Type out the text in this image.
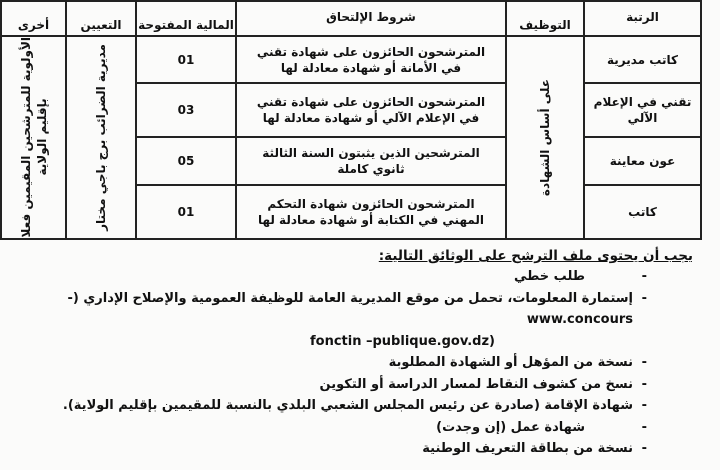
الرتبة	التوظيف	شروط الإلتحاق	المالية المفتوحة	التعيين	أخرى
كاتب مديرية	على أساس الشهادة	المترشحون الحائزون على شهادة تقني في الأمانة أو شهادة معادلة لها	01	مديرية الضرائب برج باجي مختار	الأولوية للمترشحين المقيمين فعلا بإقليم الولاية

تقني في الإعلام الآلي		المترشحون الحائزون على شهادة تقني في الإعلام الآلي أو شهادة معادلة لها	03		
عون معاينة		المترشحين الذين يثبتون السنة الثالثة ثانوي كاملة	05		
كاتب		المترشحون الحائزون شهادة التحكم المهني في الكتابة أو شهادة معادلة لها	01		
يجب أن يحتوى ملف الترشح على الوثائق التالية:
- طلب خطي
- إستمارة المعلومات، تحمل من موقع المديرية العامة للوظيفة العمومية والإصلاح الإداري (-www.concours
fonctin –publique.gov.dz)
- نسخة من المؤهل أو الشهادة المطلوبة
- نسخ من كشوف النقاط لمسار الدراسة أو التكوين
- شهادة الإقامة (صادرة عن رئيس المجلس الشعبي البلدي بالنسبة للمقيمين بإقليم الولاية).
- شهادة عمل (إن وجدت)
- نسخة من بطاقة التعريف الوطنية
